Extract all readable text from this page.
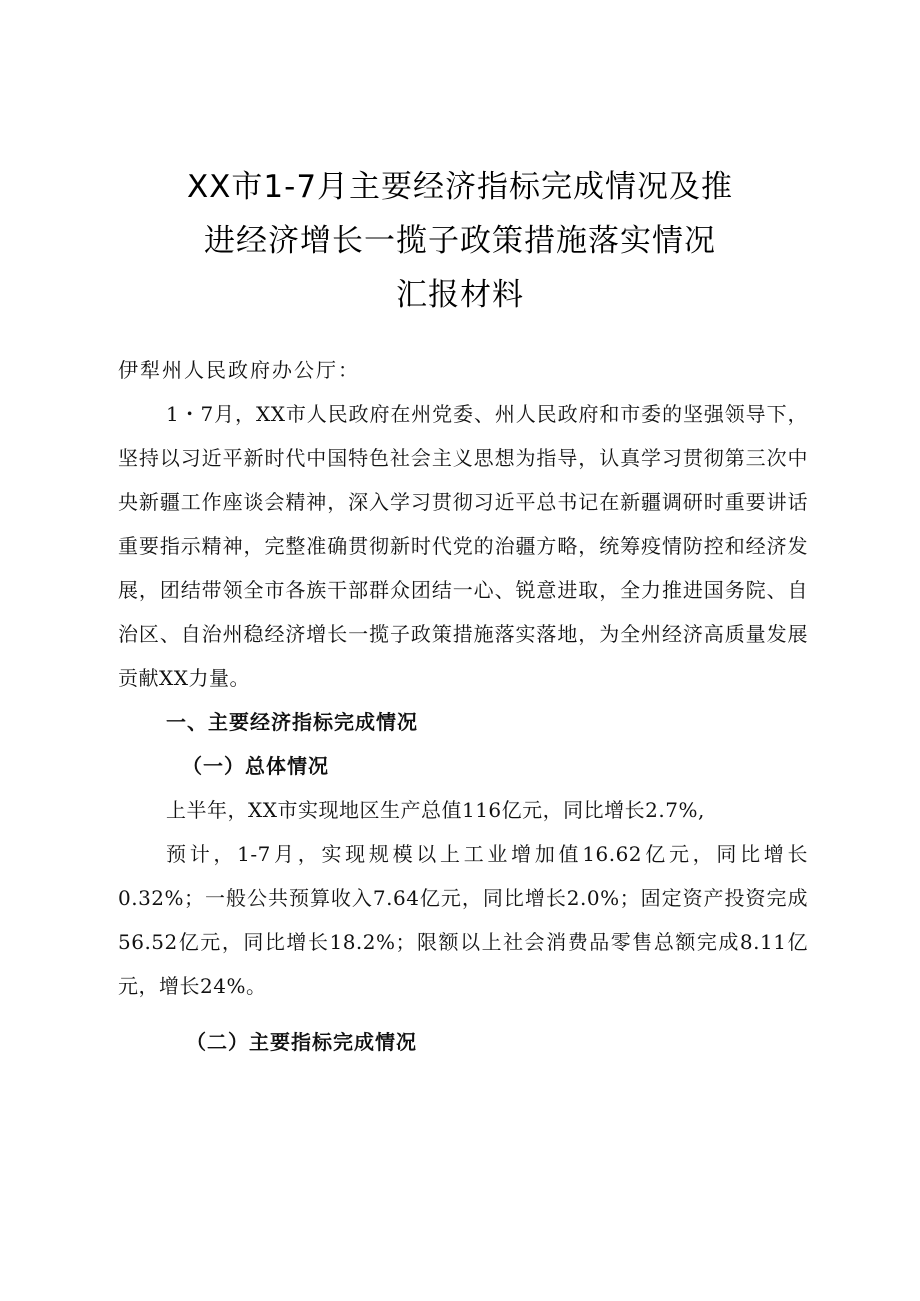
XX市1-7月主要经济指标完成情况及推
进经济增长一揽子政策措施落实情况
汇报材料

伊犁州人民政府办公厅：

1・7月，XX市人民政府在州党委、州人民政府和市委的坚强领导下，坚持以习近平新时代中国特色社会主义思想为指导，认真学习贯彻第三次中央新疆工作座谈会精神，深入学习贯彻习近平总书记在新疆调研时重要讲话重要指示精神，完整准确贯彻新时代党的治疆方略，统筹疫情防控和经济发展，团结带领全市各族干部群众团结一心、锐意进取，全力推进国务院、自治区、自治州稳经济增长一揽子政策措施落实落地，为全州经济高质量发展贡献XX力量。

一、主要经济指标完成情况

（一）总体情况

上半年，XX市实现地区生产总值116亿元，同比增长2.7%,

预计，1-7月，实现规模以上工业增加值16.62亿元，同比增长0.32%；一般公共预算收入7.64亿元，同比增长2.0%；固定资产投资完成56.52亿元，同比增长18.2%；限额以上社会消费品零售总额完成8.11亿元，增长24%。

（二）主要指标完成情况
